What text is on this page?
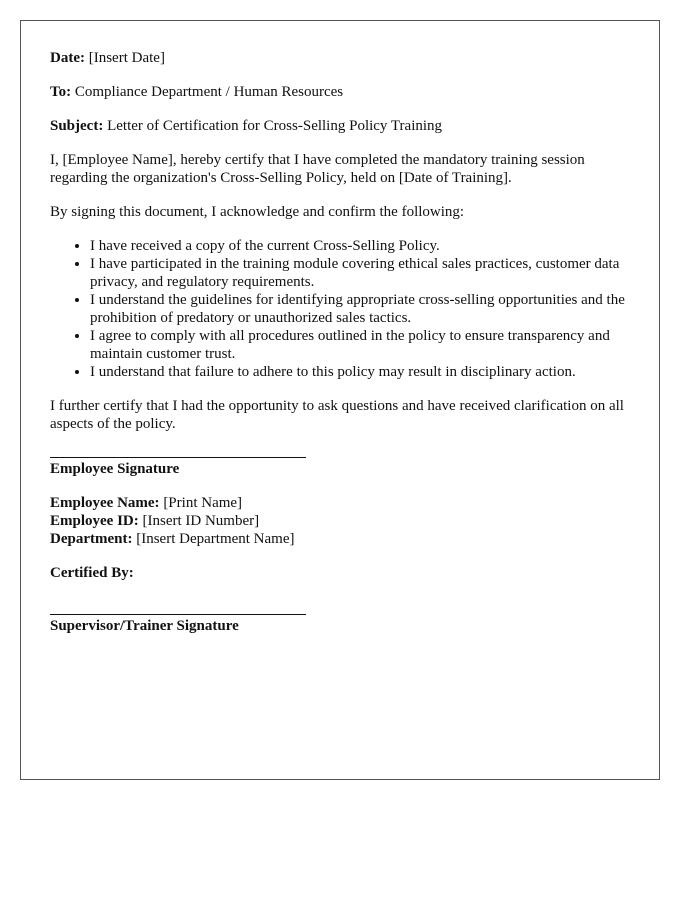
Date: [Insert Date]

To: Compliance Department / Human Resources

Subject: Letter of Certification for Cross-Selling Policy Training

I, [Employee Name], hereby certify that I have completed the mandatory training session regarding the organization's Cross-Selling Policy, held on [Date of Training].

By signing this document, I acknowledge and confirm the following:

• I have received a copy of the current Cross-Selling Policy.
• I have participated in the training module covering ethical sales practices, customer data privacy, and regulatory requirements.
• I understand the guidelines for identifying appropriate cross-selling opportunities and the prohibition of predatory or unauthorized sales tactics.
• I agree to comply with all procedures outlined in the policy to ensure transparency and maintain customer trust.
• I understand that failure to adhere to this policy may result in disciplinary action.

I further certify that I had the opportunity to ask questions and have received clarification on all aspects of the policy.

Employee Signature
Employee Name: [Print Name]
Employee ID: [Insert ID Number]
Department: [Insert Department Name]
Certified By:
Supervisor/Trainer Signature
